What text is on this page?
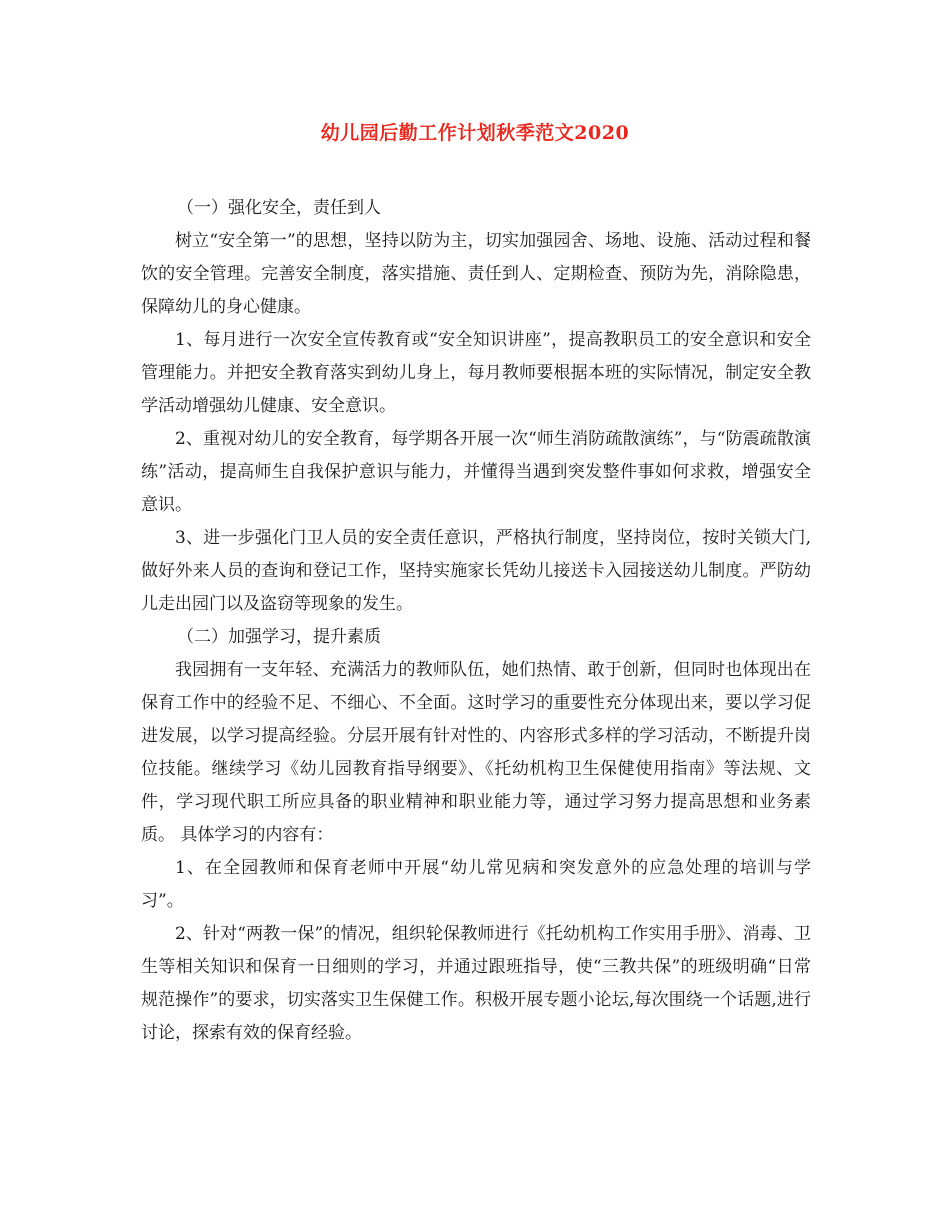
幼儿园后勤工作计划秋季范文2020

（一）强化安全，责任到人

树立“安全第一”的思想，坚持以防为主，切实加强园舍、场地、设施、活动过程和餐饮的安全管理。完善安全制度，落实措施、责任到人、定期检查、预防为先，消除隐患，保障幼儿的身心健康。

1、每月进行一次安全宣传教育或“安全知识讲座”，提高教职员工的安全意识和安全管理能力。并把安全教育落实到幼儿身上，每月教师要根据本班的实际情况，制定安全教学活动增强幼儿健康、安全意识。

2、重视对幼儿的安全教育，每学期各开展一次“师生消防疏散演练”，与“防震疏散演练”活动，提高师生自我保护意识与能力，并懂得当遇到突发整件事如何求救，增强安全意识。

3、进一步强化门卫人员的安全责任意识，严格执行制度，坚持岗位，按时关锁大门,做好外来人员的查询和登记工作，坚持实施家长凭幼儿接送卡入园接送幼儿制度。严防幼儿走出园门以及盗窃等现象的发生。

（二）加强学习，提升素质

我园拥有一支年轻、充满活力的教师队伍，她们热情、敢于创新，但同时也体现出在保育工作中的经验不足、不细心、不全面。这时学习的重要性充分体现出来，要以学习促进发展，以学习提高经验。分层开展有针对性的、内容形式多样的学习活动，不断提升岗位技能。继续学习《幼儿园教育指导纲要》、《托幼机构卫生保健使用指南》等法规、文件，学习现代职工所应具备的职业精神和职业能力等，通过学习努力提高思想和业务素质。 具体学习的内容有：

1、在全园教师和保育老师中开展“幼儿常见病和突发意外的应急处理的培训与学习”。

2、针对“两教一保”的情况，组织轮保教师进行《托幼机构工作实用手册》、消毒、卫生等相关知识和保育一日细则的学习，并通过跟班指导，使“三教共保”的班级明确“日常规范操作”的要求，切实落实卫生保健工作。积极开展专题小论坛,每次围绕一个话题,进行讨论，探索有效的保育经验。
